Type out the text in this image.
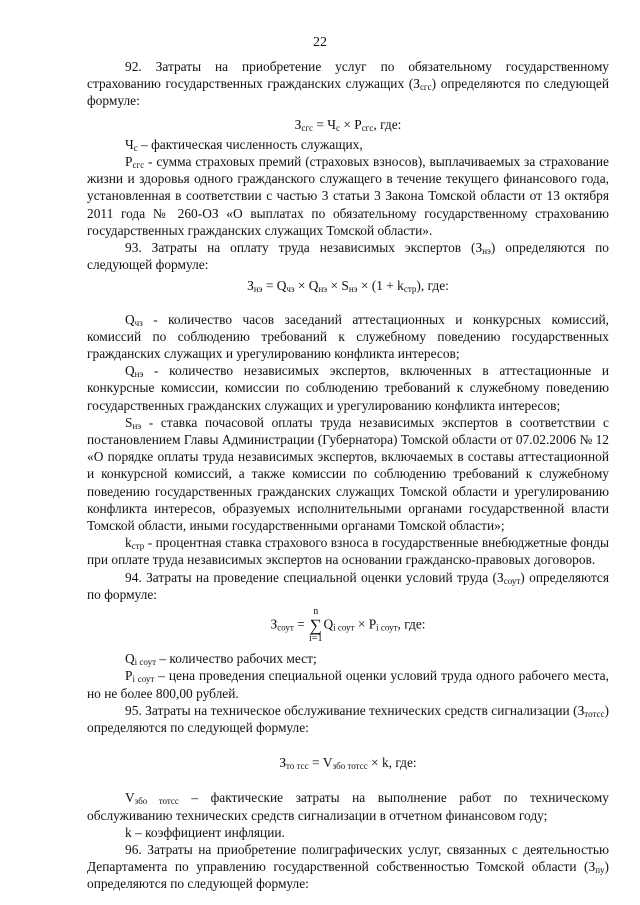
22

92. Затраты на приобретение услуг по обязательному государственному страхованию государственных гражданских служащих $(З_{сгс})$ определяются по следующей формуле:

$З_{сгс} = Ч_с \times Р_{сгс}$, где:

$Ч_с$ – фактическая численность служащих,

$Р_{сгс}$ - сумма страховых премий (страховых взносов), выплачиваемых за страхование жизни и здоровья одного гражданского служащего в течение текущего финансового года, установленная в соответствии с частью 3 статьи 3 Закона Томской области от 13 октября 2011 года № 260-ОЗ «О выплатах по обязательному государственному страхованию государственных гражданских служащих Томской области».

93. Затраты на оплату труда независимых экспертов $(З_{нэ})$ определяются по следующей формуле:

$З_{нэ} = Q_{чз} \times Q_{нэ} \times S_{нэ} \times (1 + k_{стр})$, где:

$Q_{чз}$ - количество часов заседаний аттестационных и конкурсных комиссий, комиссий по соблюдению требований к служебному поведению государственных гражданских служащих и урегулированию конфликта интересов;

$Q_{нэ}$ - количество независимых экспертов, включенных в аттестационные и конкурсные комиссии, комиссии по соблюдению требований к служебному поведению государственных гражданских служащих и урегулированию конфликта интересов;

$S_{нэ}$ - ставка почасовой оплаты труда независимых экспертов в соответствии с постановлением Главы Администрации (Губернатора) Томской области от 07.02.2006 № 12 «О порядке оплаты труда независимых экспертов, включаемых в составы аттестационной и конкурсной комиссий, а также комиссии по соблюдению требований к служебному поведению государственных гражданских служащих Томской области и урегулированию конфликта интересов, образуемых исполнительными органами государственной власти Томской области, иными государственными органами Томской области»;

$k_{стр}$ - процентная ставка страхового взноса в государственные внебюджетные фонды при оплате труда независимых экспертов на основании гражданско-правовых договоров.

94. Затраты на проведение специальной оценки условий труда $(З_{соут})$ определяются по формуле:

$З_{соут}$ =
n
∑
i=1
$Q_{i соут} \times P_{i соут}$, где:

$Q_{i соут}$ – количество рабочих мест;

$P_{i соут}$ – цена проведения специальной оценки условий труда одного рабочего места, но не более 800,00 рублей.

95. Затраты на техническое обслуживание технических средств сигнализации $(З_{тотсс})$ определяются по следующей формуле:

$З_{то тсс} = V_{збо тотсс} \times k$, где:

$V_{збо тотсс}$ – фактические затраты на выполнение работ по техническому обслуживанию технических средств сигнализации в отчетном финансовом году;

k – коэффициент инфляции.

96. Затраты на приобретение полиграфических услуг, связанных с деятельностью Департамента по управлению государственной собственностью Томской области $(З_{пу})$ определяются по следующей формуле:
